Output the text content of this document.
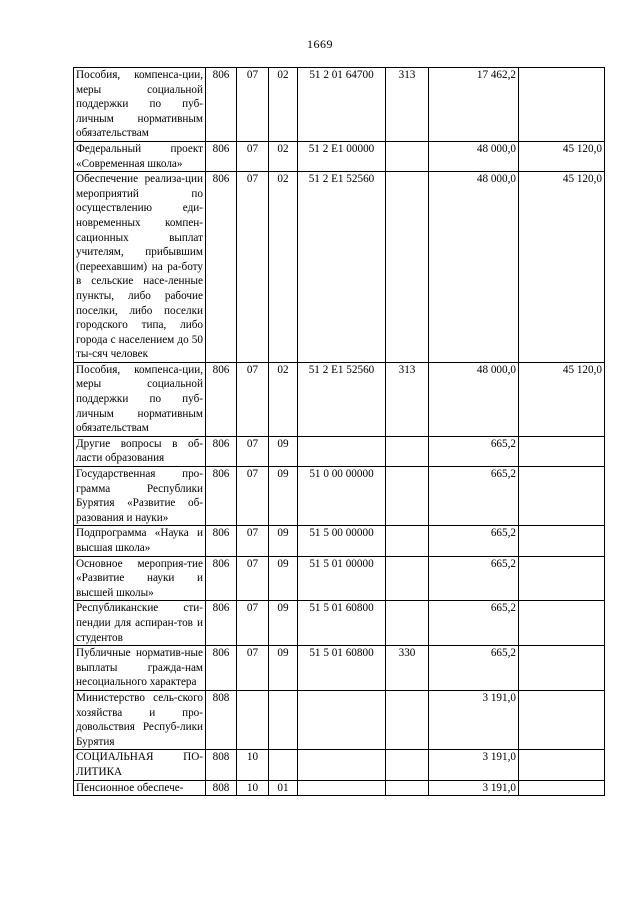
1669
Пособия, компенса-ции, меры социальной поддержки по пуб-личным нормативным обязательствам	806	07	02	51 2 01 64700	313	17 462,2	
Федеральный проект «Современная школа»	806	07	02	51 2 Е1 00000		48 000,0	45 120,0
Обеспечение реализа-ции мероприятий по осуществлению еди-новременных компен-сационных выплат учителям, прибывшим (переехавшим) на ра-боту в сельские насе-ленные пункты, либо рабочие поселки, либо поселки городского типа, либо города с населением до 50 ты-сяч человек	806	07	02	51 2 Е1 52560		48 000,0	45 120,0
Пособия, компенса-ции, меры социальной поддержки по пуб-личным нормативным обязательствам	806	07	02	51 2 Е1 52560	313	48 000,0	45 120,0
Другие вопросы в об-ласти образования	806	07	09			665,2	
Государственная про-грамма Республики Бурятия «Развитие об-разования и науки»	806	07	09	51 0 00 00000		665,2	
Подпрограмма «Наука и высшая школа»	806	07	09	51 5 00 00000		665,2	
Основное мероприя-тие «Развитие науки и высшей школы»	806	07	09	51 5 01 00000		665,2	
Республиканские сти-пендии для аспиран-тов и студентов	806	07	09	51 5 01 60800		665,2	
Публичные норматив-ные выплаты гражда-нам несоциального характера	806	07	09	51 5 01 60800	330	665,2	
Министерство сель-ского хозяйства и про-довольствия Респуб-лики Бурятия	808					3 191,0	
СОЦИАЛЬНАЯ ПО-ЛИТИКА	808	10				3 191,0	
Пенсионное обеспече-	808	10	01			3 191,0	
